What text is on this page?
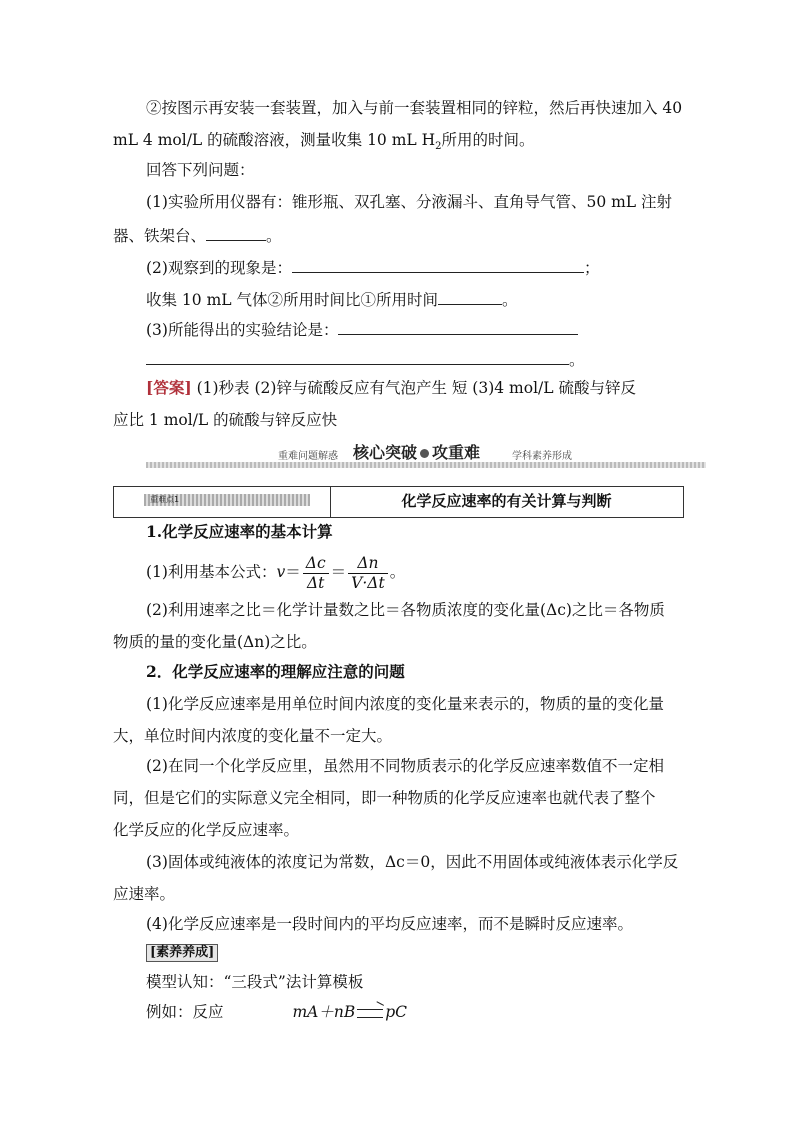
②按图示再安装一套装置，加入与前一套装置相同的锌粒，然后再快速加入 40
mL 4 mol/L 的硫酸溶液，测量收集 10 mL $H_2$所用的时间。
回答下列问题：
(1)实验所用仪器有：锥形瓶、双孔塞、分液漏斗、直角导气管、50 mL 注射
器、铁架台、	。
(2)观察到的现象是：	；
收集 10 mL 气体②所用时间比①所用时间	。
(3)所能得出的实验结论是：
。
[答案] (1)秒表 (2)锌与硫酸反应有气泡产生 短 (3)4 mol/L 硫酸与锌反
应比 1 mol/L 的硫酸与锌反应快
重难问题解惑 核心突破 攻重难	学科素养形成
重难点1	化学反应速率的有关计算与判断
1.化学反应速率的基本计算
(1)利用基本公式：$v= \frac{\Delta c}{\Delta t} = \frac{\Delta n}{V\cdot\Delta t}$ 。
(2)利用速率之比＝化学计量数之比＝各物质浓度的变化量(Δc)之比＝各物质
物质的量的变化量(Δn)之比。
2．化学反应速率的理解应注意的问题
(1)化学反应速率是用单位时间内浓度的变化量来表示的，物质的量的变化量
大，单位时间内浓度的变化量不一定大。
(2)在同一个化学反应里，虽然用不同物质表示的化学反应速率数值不一定相
同，但是它们的实际意义完全相同，即一种物质的化学反应速率也就代表了整个
化学反应的化学反应速率。
(3)固体或纯液体的浓度记为常数，Δc＝0，因此不用固体或纯液体表示化学反
应速率。
(4)化学反应速率是一段时间内的平均反应速率，而不是瞬时反应速率。
[素养养成]
模型认知：“三段式”法计算模板
例如：反应	mA＋nB pC
